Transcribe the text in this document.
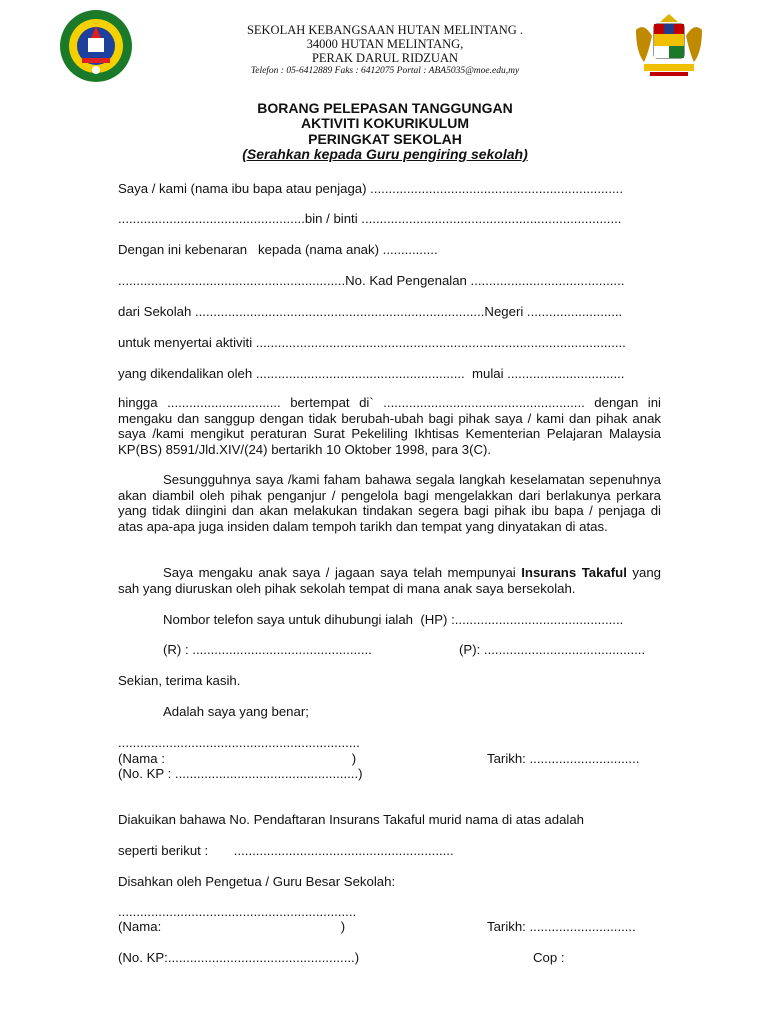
SEKOLAH KEBANGSAAN HUTAN MELINTANG .
34000 HUTAN MELINTANG,
PERAK DARUL RIDZUAN
Telefon : 05-6412889 Faks : 6412075 Portal : ABA5035@moe.edu,my
BORANG PELEPASAN TANGGUNGAN
AKTIVITI KOKURIKULUM
PERINGKAT SEKOLAH
(Serahkan kepada Guru pengiring sekolah)
Saya / kami (nama ibu bapa atau penjaga) .....................................................................
...................................................bin / binti .......................................................................
Dengan ini kebenaran   kepada (nama anak) ...............
..............................................................No. Kad Pengenalan ..........................................
dari Sekolah ...............................................................................Negeri ..........................
untuk menyertai aktiviti .....................................................................................................
yang dikendalikan oleh .........................................................  mulai ................................
hingga ............................... bertempat di` ....................................................... dengan ini mengaku dan sanggup dengan tidak berubah-ubah bagi pihak saya / kami dan pihak anak saya /kami mengikut peraturan Surat Pekeliling Ikhtisas Kementerian Pelajaran Malaysia KP(BS) 8591/Jld.XIV/(24) bertarikh 10 Oktober 1998, para 3(C).
Sesungguhnya saya /kami faham bahawa segala langkah keselamatan sepenuhnya akan diambil oleh pihak penganjur / pengelola bagi mengelakkan dari berlakunya perkara yang tidak diingini dan akan melakukan tindakan segera bagi pihak ibu bapa / penjaga di atas apa-apa juga insiden dalam tempoh tarikh dan tempat yang dinyatakan di atas.
Saya mengaku anak saya / jagaan saya telah mempunyai Insurans Takaful yang sah yang diuruskan oleh pihak sekolah tempat di mana anak saya bersekolah.
Nombor telefon saya untuk dihubungi ialah  (HP) :..............................................
(R) : .................................................	(P): ............................................
Sekian, terima kasih.
Adalah saya yang benar;
..................................................................
(Nama :                                                   )	Tarikh: ..............................
(No. KP : ..................................................)
Diakuikan bahawa No. Pendaftaran Insurans Takaful murid nama di atas adalah
seperti berikut :       ............................................................
Disahkan oleh Pengetua / Guru Besar Sekolah:
.................................................................
(Nama:                                                 )	Tarikh: .............................
(No. KP:...................................................)	Cop :
